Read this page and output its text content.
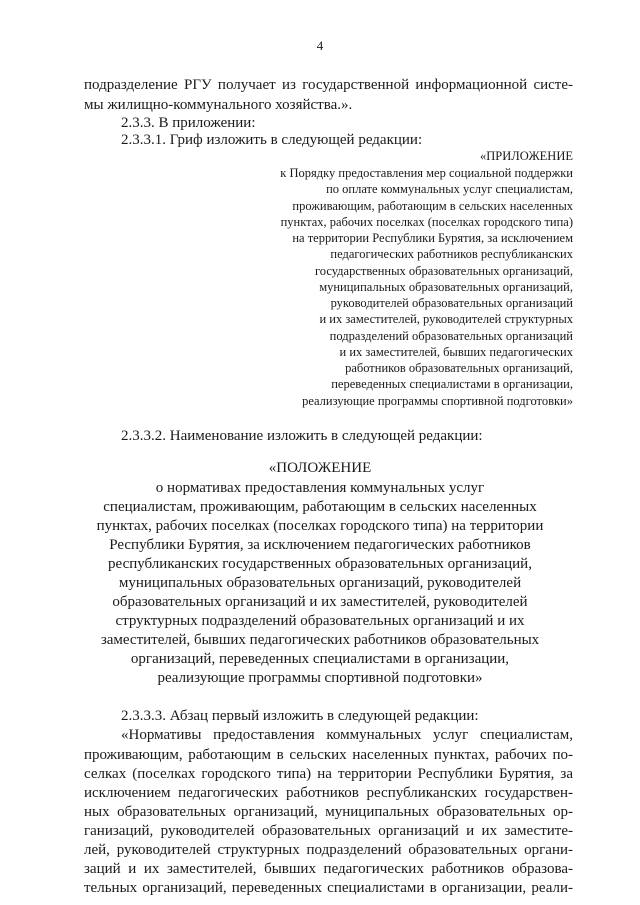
4
подразделение РГУ получает из государственной информационной систе-
мы жилищно-коммунального хозяйства.».
2.3.3. В приложении:
2.3.3.1. Гриф изложить в следующей редакции:
«ПРИЛОЖЕНИЕ
к Порядку предоставления мер социальной поддержки
по оплате коммунальных услуг специалистам,
проживающим, работающим в сельских населенных
пунктах, рабочих поселках (поселках городского типа)
на территории Республики Бурятия, за исключением
педагогических работников республиканских
государственных образовательных организаций,
муниципальных образовательных организаций,
руководителей образовательных организаций
и их заместителей, руководителей структурных
подразделений образовательных организаций
и их заместителей, бывших педагогических
работников образовательных организаций,
переведенных специалистами в организации,
реализующие программы спортивной подготовки»
2.3.3.2. Наименование изложить в следующей редакции:
«ПОЛОЖЕНИЕ
о нормативах предоставления коммунальных услуг
специалистам, проживающим, работающим в сельских населенных
пунктах, рабочих поселках (поселках городского типа) на территории
Республики Бурятия, за исключением педагогических работников
республиканских государственных образовательных организаций,
муниципальных образовательных организаций, руководителей
образовательных организаций и их заместителей, руководителей
структурных подразделений образовательных организаций и их
заместителей, бывших педагогических работников образовательных
организаций, переведенных специалистами в организации,
реализующие программы спортивной подготовки»
2.3.3.3. Абзац первый изложить в следующей редакции:
«Нормативы предоставления коммунальных услуг специалистам,
проживающим, работающим в сельских населенных пунктах, рабочих по-
селках (поселках городского типа) на территории Республики Бурятия, за
исключением педагогических работников республиканских государствен-
ных образовательных организаций, муниципальных образовательных ор-
ганизаций, руководителей образовательных организаций и их заместите-
лей, руководителей структурных подразделений образовательных органи-
заций и их заместителей, бывших педагогических работников образова-
тельных организаций, переведенных специалистами в организации, реали-
